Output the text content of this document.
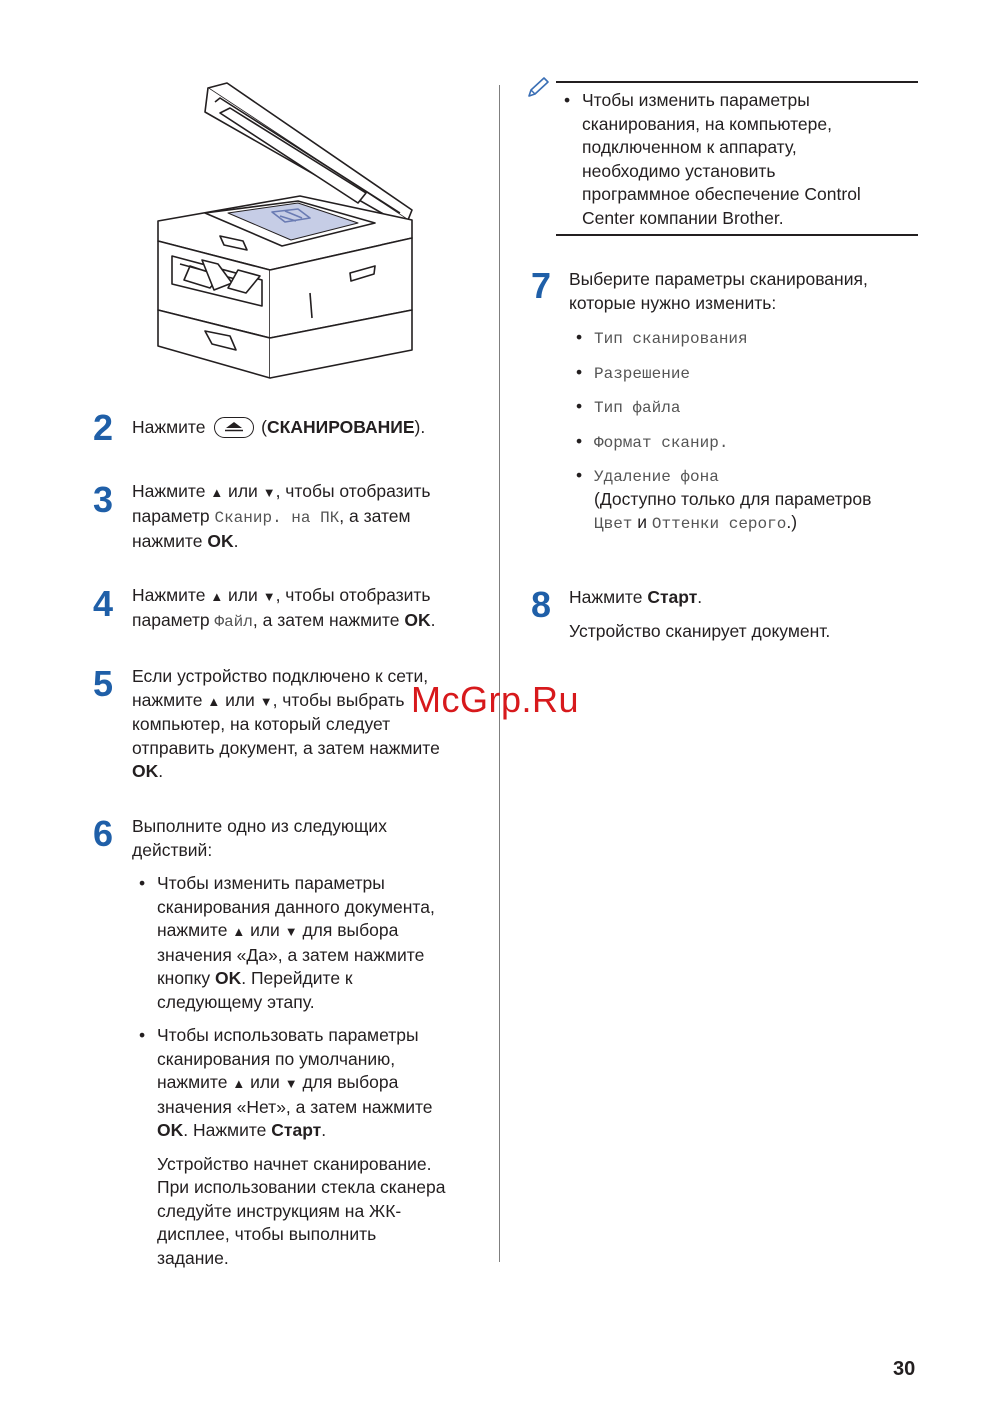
2	Нажмите	(СКАНИРОВАНИЕ).
3	Нажмите ▲ или ▼, чтобы отобразить
параметр Сканир. на ПК, а затем
нажмите OK.
4	Нажмите ▲ или ▼, чтобы отобразить
параметр Файл, а затем нажмите OK.
5	Если устройство подключено к сети,
нажмите ▲ или ▼, чтобы выбрать
компьютер, на который следует
отправить документ, а затем нажмите
OK.
6	Выполните одно из следующих
действий:
• Чтобы изменить параметры
сканирования данного документа,
нажмите ▲ или ▼ для выбора
значения «Да», а затем нажмите
кнопку OK. Перейдите к
следующему этапу.
• Чтобы использовать параметры
сканирования по умолчанию,
нажмите ▲ или ▼ для выбора
значения «Нет», а затем нажмите
OK. Нажмите Старт.
Устройство начнет сканирование.
При использовании стекла сканера
следуйте инструкциям на ЖК-
дисплее, чтобы выполнить
задание.
• Чтобы изменить параметры
сканирования, на компьютере,
подключенном к аппарату,
необходимо установить
программное обеспечение Control
Center компании Brother.
7	Выберите параметры сканирования,
которые нужно изменить:
• Тип сканирования
• Разрешение
• Тип файла
• Формат сканир.
• Удаление фона
(Доступно только для параметров
Цвет и Оттенки серого.)
8	Нажмите Старт.
Устройство сканирует документ.
McGrp.Ru
30
